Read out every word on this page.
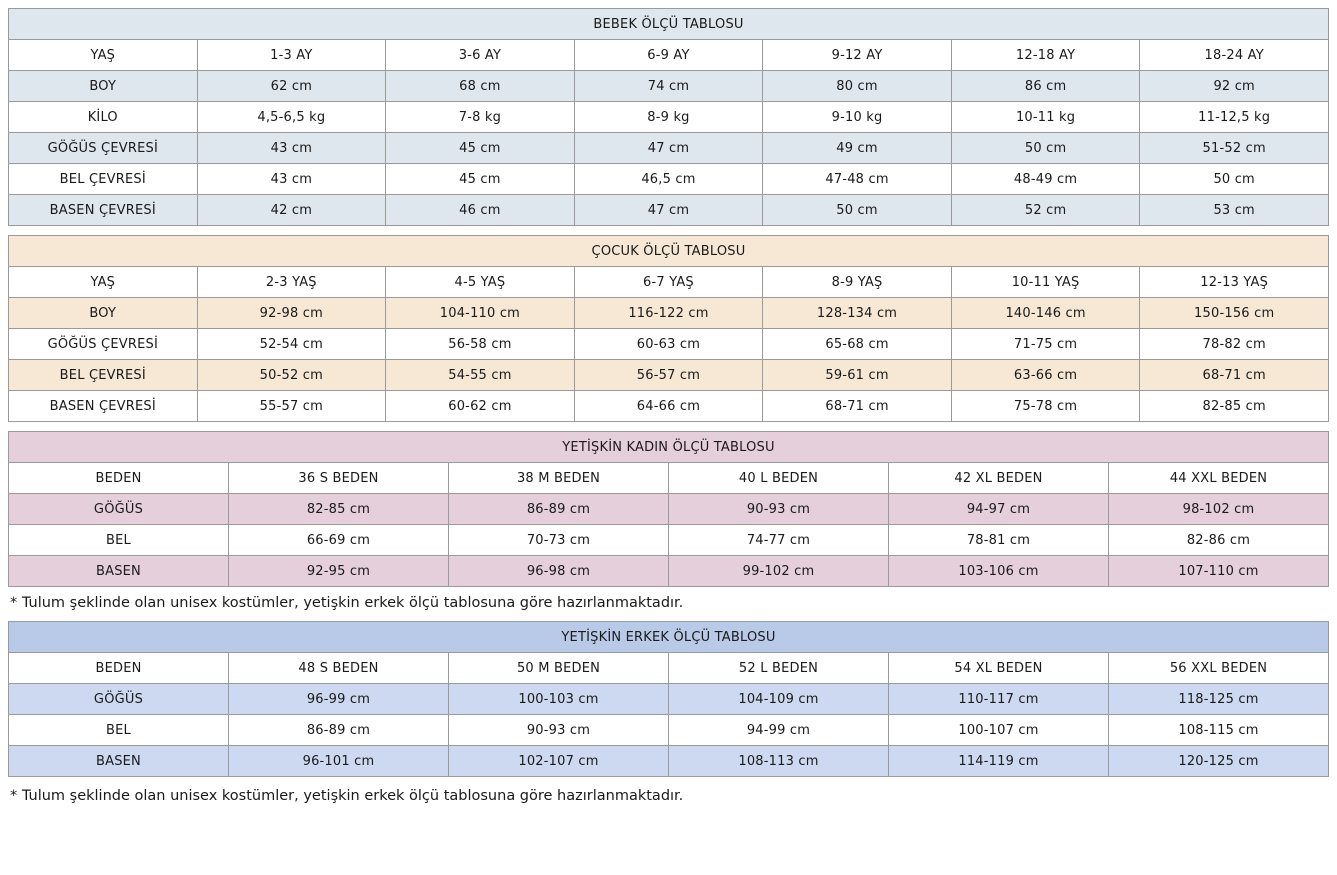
BEBEK ÖLÇÜ TABLOSU						
YAŞ	1-3 AY	3-6 AY	6-9 AY	9-12 AY	12-18 AY	18-24 AY
BOY	62 cm	68 cm	74 cm	80 cm	86 cm	92 cm
KİLO	4,5-6,5 kg	7-8 kg	8-9 kg	9-10 kg	10-11 kg	11-12,5 kg
GÖĞÜS ÇEVRESİ	43 cm	45 cm	47 cm	49 cm	50 cm	51-52 cm
BEL ÇEVRESİ	43 cm	45 cm	46,5 cm	47-48 cm	48-49 cm	50 cm
BASEN ÇEVRESİ	42 cm	46 cm	47 cm	50 cm	52 cm	53 cm
ÇOCUK ÖLÇÜ TABLOSU						
YAŞ	2-3 YAŞ	4-5 YAŞ	6-7 YAŞ	8-9 YAŞ	10-11 YAŞ	12-13 YAŞ
BOY	92-98 cm	104-110 cm	116-122 cm	128-134 cm	140-146 cm	150-156 cm
GÖĞÜS ÇEVRESİ	52-54 cm	56-58 cm	60-63 cm	65-68 cm	71-75 cm	78-82 cm
BEL ÇEVRESİ	50-52 cm	54-55 cm	56-57 cm	59-61 cm	63-66 cm	68-71 cm
BASEN ÇEVRESİ	55-57 cm	60-62 cm	64-66 cm	68-71 cm	75-78 cm	82-85 cm
YETİŞKİN KADIN ÖLÇÜ TABLOSU					
BEDEN	36 S BEDEN	38 M BEDEN	40 L BEDEN	42 XL BEDEN	44 XXL BEDEN
GÖĞÜS	82-85 cm	86-89 cm	90-93 cm	94-97 cm	98-102 cm
BEL	66-69 cm	70-73 cm	74-77 cm	78-81 cm	82-86 cm
BASEN	92-95 cm	96-98 cm	99-102 cm	103-106 cm	107-110 cm

* Tulum şeklinde olan unisex kostümler, yetişkin erkek ölçü tablosuna göre hazırlanmaktadır.

YETİŞKİN ERKEK ÖLÇÜ TABLOSU					
BEDEN	48 S BEDEN	50 M BEDEN	52 L BEDEN	54 XL BEDEN	56 XXL BEDEN
GÖĞÜS	96-99 cm	100-103 cm	104-109 cm	110-117 cm	118-125 cm
BEL	86-89 cm	90-93 cm	94-99 cm	100-107 cm	108-115 cm
BASEN	96-101 cm	102-107 cm	108-113 cm	114-119 cm	120-125 cm

* Tulum şeklinde olan unisex kostümler, yetişkin erkek ölçü tablosuna göre hazırlanmaktadır.
